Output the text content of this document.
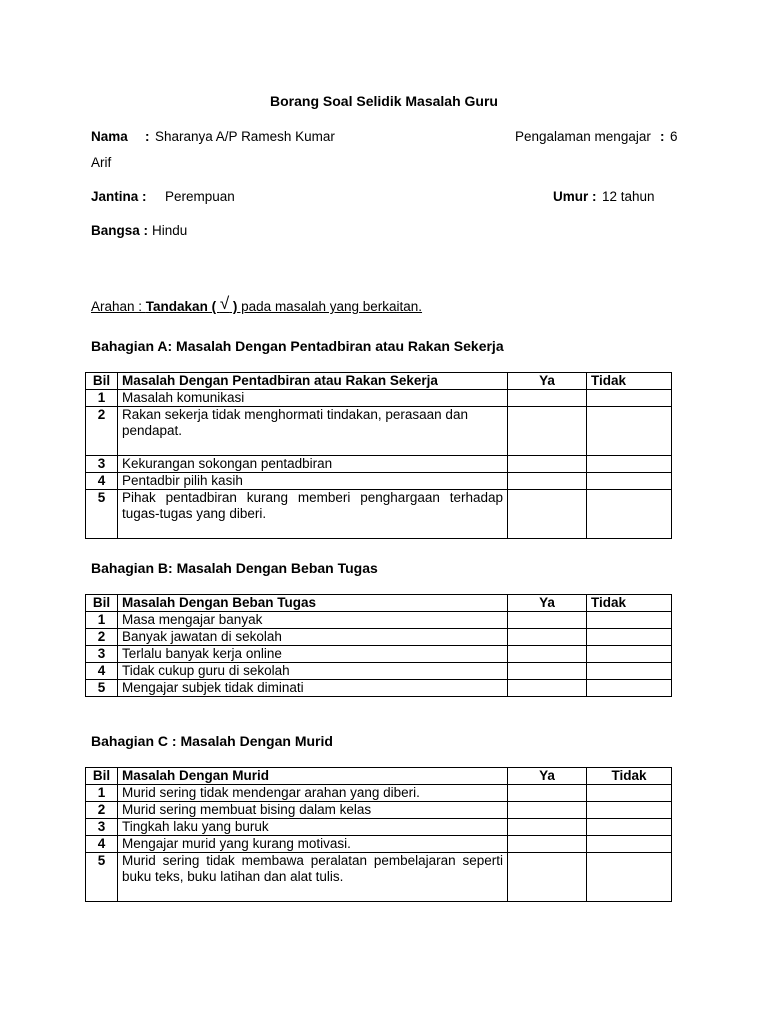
Borang Soal Selidik Masalah Guru
Nama : Sharanya A/P Ramesh Kumar	Pengalaman mengajar : 6
Arif
Jantina : Perempuan	Umur : 12 tahun
Bangsa : Hindu
Arahan : Tandakan ( √ ) pada masalah yang berkaitan.
Bahagian A: Masalah Dengan Pentadbiran atau Rakan Sekerja
Bil	Masalah Dengan Pentadbiran atau Rakan Sekerja	Ya	Tidak
1	Masalah komunikasi		
2	Rakan sekerja tidak menghormati tindakan, perasaan dan pendapat.		
3	Kekurangan sokongan pentadbiran		
4	Pentadbir pilih kasih		
5	Pihak pentadbiran kurang memberi penghargaan terhadap tugas-tugas yang diberi.		
Bahagian B: Masalah Dengan Beban Tugas
Bil	Masalah Dengan Beban Tugas	Ya	Tidak
1	Masa mengajar banyak		
2	Banyak jawatan di sekolah		
3	Terlalu banyak kerja online		
4	Tidak cukup guru di sekolah		
5	Mengajar subjek tidak diminati		
Bahagian C : Masalah Dengan Murid
Bil	Masalah Dengan Murid	Ya	Tidak
1	Murid sering tidak mendengar arahan yang diberi.		
2	Murid sering membuat bising dalam kelas		
3	Tingkah laku yang buruk		
4	Mengajar murid yang kurang motivasi.		
5	Murid sering tidak membawa peralatan pembelajaran seperti buku teks, buku latihan dan alat tulis.		
